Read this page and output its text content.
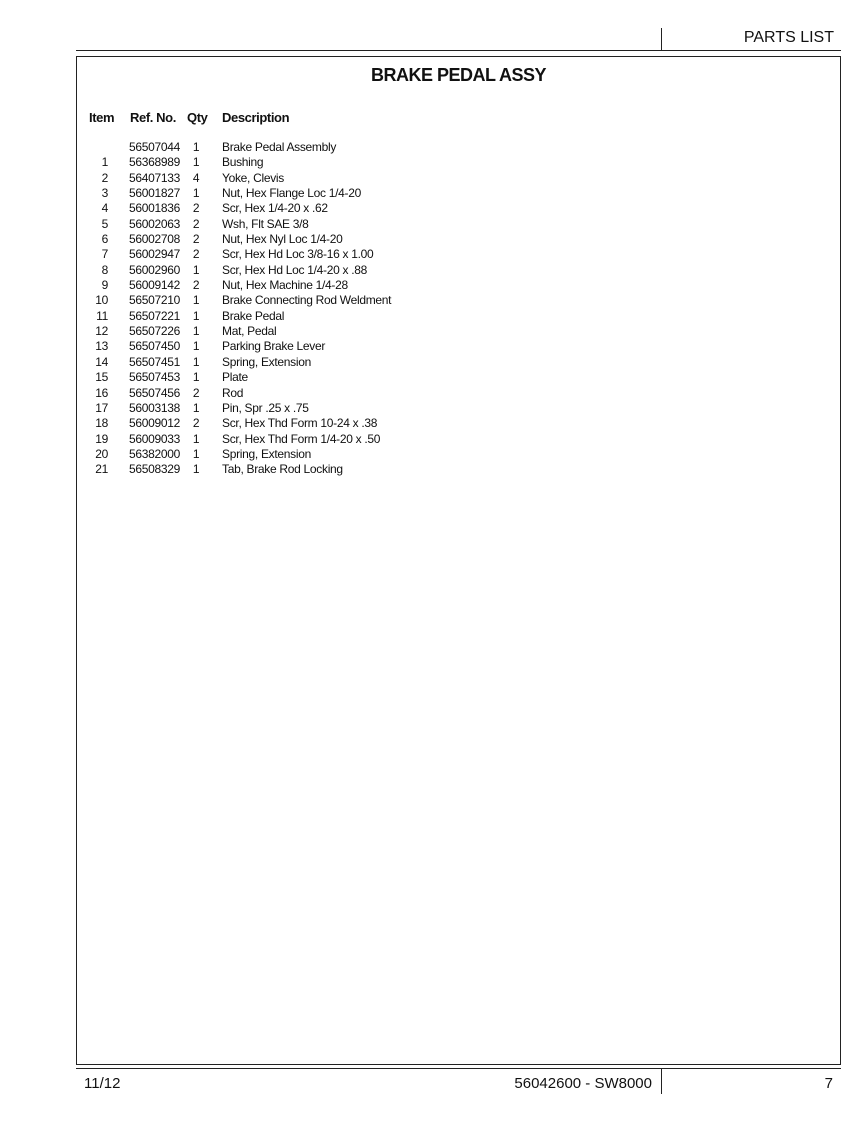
PARTS LIST
BRAKE PEDAL ASSY
Item Ref. No. Qty Description
56507044 1 Brake Pedal Assembly
1 56368989 1 Bushing
2 56407133 4 Yoke, Clevis
3 56001827 1 Nut, Hex Flange Loc 1/4-20
4 56001836 2 Scr, Hex 1/4-20 x .62
5 56002063 2 Wsh, Flt SAE 3/8
6 56002708 2 Nut, Hex Nyl Loc 1/4-20
7 56002947 2 Scr, Hex Hd Loc 3/8-16 x 1.00
8 56002960 1 Scr, Hex Hd Loc 1/4-20 x .88
9 56009142 2 Nut, Hex Machine 1/4-28
10 56507210 1 Brake Connecting Rod Weldment
11 56507221 1 Brake Pedal
12 56507226 1 Mat, Pedal
13 56507450 1 Parking Brake Lever
14 56507451 1 Spring, Extension
15 56507453 1 Plate
16 56507456 2 Rod
17 56003138 1 Pin, Spr .25 x .75
18 56009012 2 Scr, Hex Thd Form 10-24 x .38
19 56009033 1 Scr, Hex Thd Form 1/4-20 x .50
20 56382000 1 Spring, Extension
21 56508329 1 Tab, Brake Rod Locking
11/12	56042600 - SW8000	7
